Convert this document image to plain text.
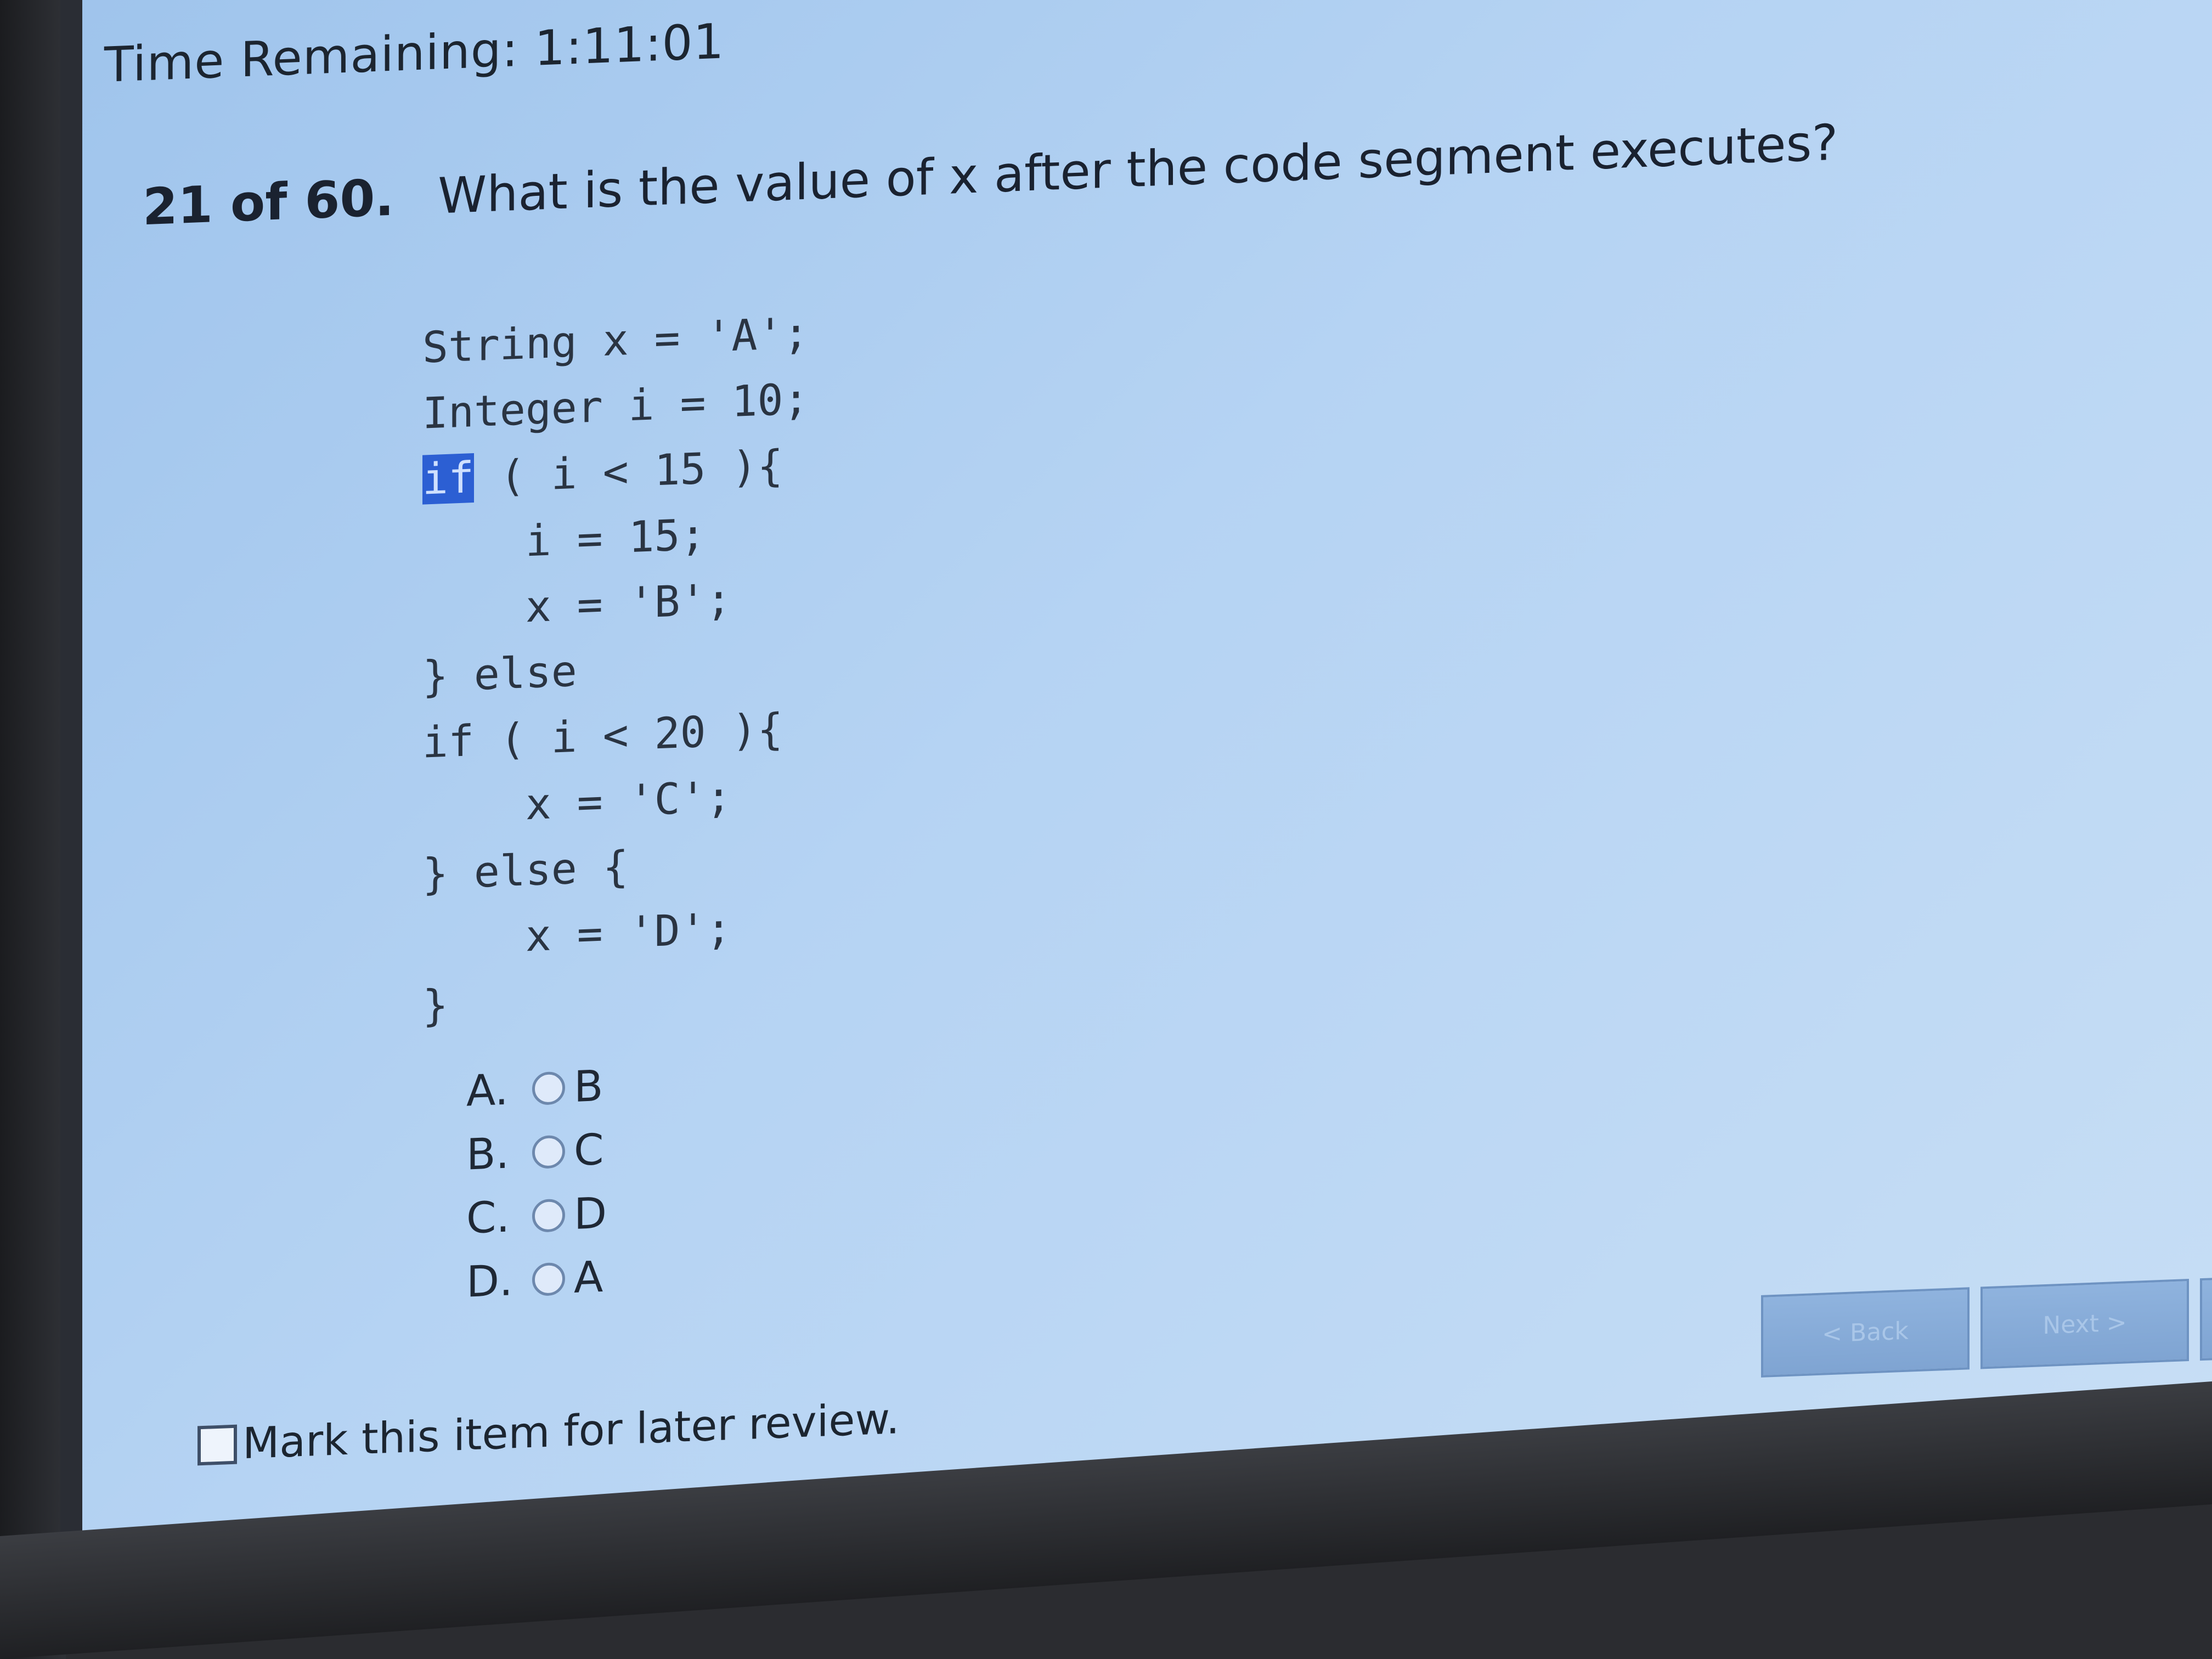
Time Remaining: 1:11:01
21 of 60. What is the value of x after the code segment executes?
String x = 'A';
Integer i = 10;
if ( i < 15 ){
i = 15;
x = 'B';
} else
if ( i < 20 ){
x = 'C';
} else {
x = 'D';
}
A.	B
B.	C
C.	D
D.	A
Mark this item for later review.
< Back	Next >
